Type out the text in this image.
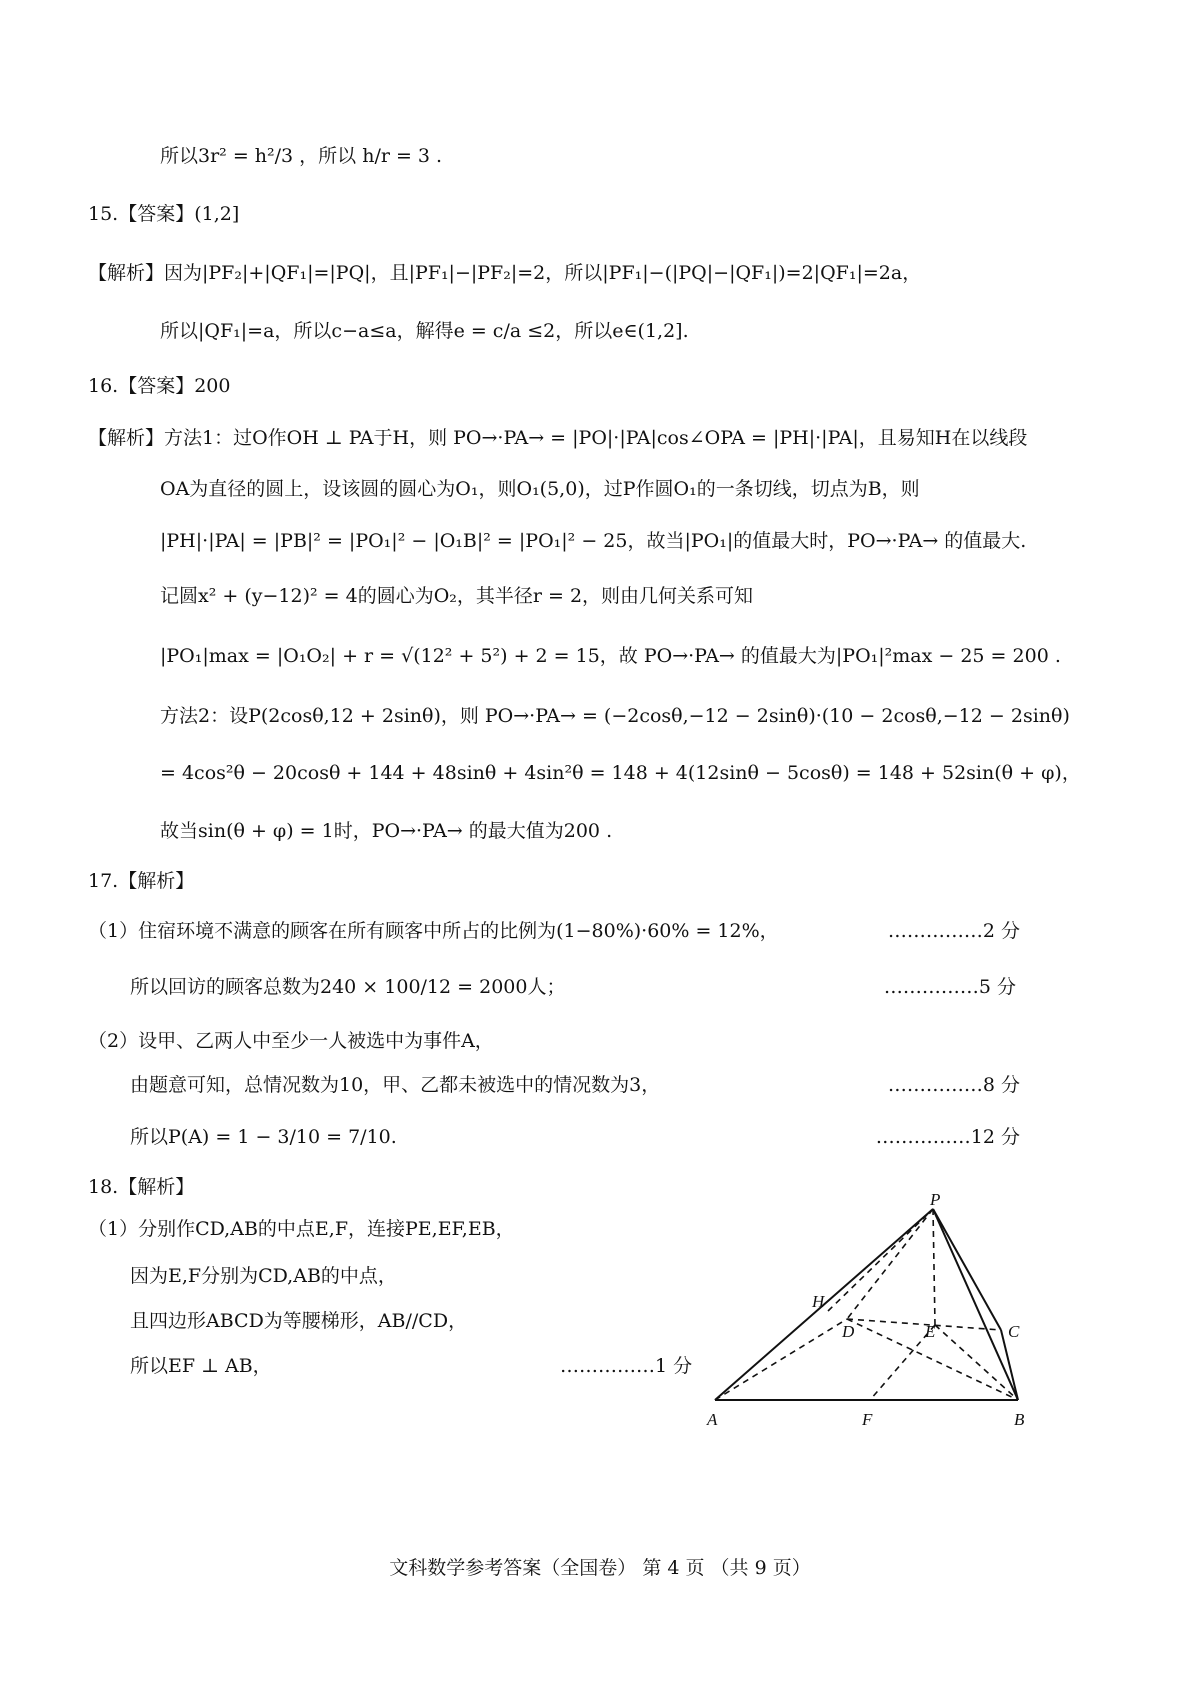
所以3r² = h²/3 ，所以 h/r = 3 .
15.【答案】(1,2]
【解析】因为|PF₂|+|QF₁|=|PQ|，且|PF₁|−|PF₂|=2，所以|PF₁|−(|PQ|−|QF₁|)=2|QF₁|=2a，
所以|QF₁|=a，所以c−a≤a，解得e = c/a ≤2，所以e∈(1,2].
16.【答案】200
【解析】方法1：过O作OH ⊥ PA于H，则 PO→·PA→ = |PO|·|PA|cos∠OPA = |PH|·|PA|，且易知H在以线段
OA为直径的圆上，设该圆的圆心为O₁，则O₁(5,0)，过P作圆O₁的一条切线，切点为B，则
|PH|·|PA| = |PB|² = |PO₁|² − |O₁B|² = |PO₁|² − 25，故当|PO₁|的值最大时，PO→·PA→ 的值最大.
记圆x² + (y−12)² = 4的圆心为O₂，其半径r = 2，则由几何关系可知
|PO₁|max = |O₁O₂| + r = √(12² + 5²) + 2 = 15，故 PO→·PA→ 的值最大为|PO₁|²max − 25 = 200 .
方法2：设P(2cosθ,12 + 2sinθ)，则 PO→·PA→ = (−2cosθ,−12 − 2sinθ)·(10 − 2cosθ,−12 − 2sinθ)
= 4cos²θ − 20cosθ + 144 + 48sinθ + 4sin²θ = 148 + 4(12sinθ − 5cosθ) = 148 + 52sin(θ + φ)，
故当sin(θ + φ) = 1时，PO→·PA→ 的最大值为200 .
17.【解析】
（1）住宿环境不满意的顾客在所有顾客中所占的比例为(1−80%)·60% = 12%，	……………2 分
所以回访的顾客总数为240 × 100/12 = 2000人；	……………5 分
（2）设甲、乙两人中至少一人被选中为事件A，
由题意可知，总情况数为10，甲、乙都未被选中的情况数为3，	……………8 分
所以P(A) = 1 − 3/10 = 7/10.	……………12 分
18.【解析】
（1）分别作CD,AB的中点E,F，连接PE,EF,EB，
因为E,F分别为CD,AB的中点，
且四边形ABCD为等腰梯形，AB//CD，
所以EF ⊥ AB，	……………1 分
P
H
D	E	C
A	F	B
文科数学参考答案（全国卷） 第 4 页 （共 9 页）
